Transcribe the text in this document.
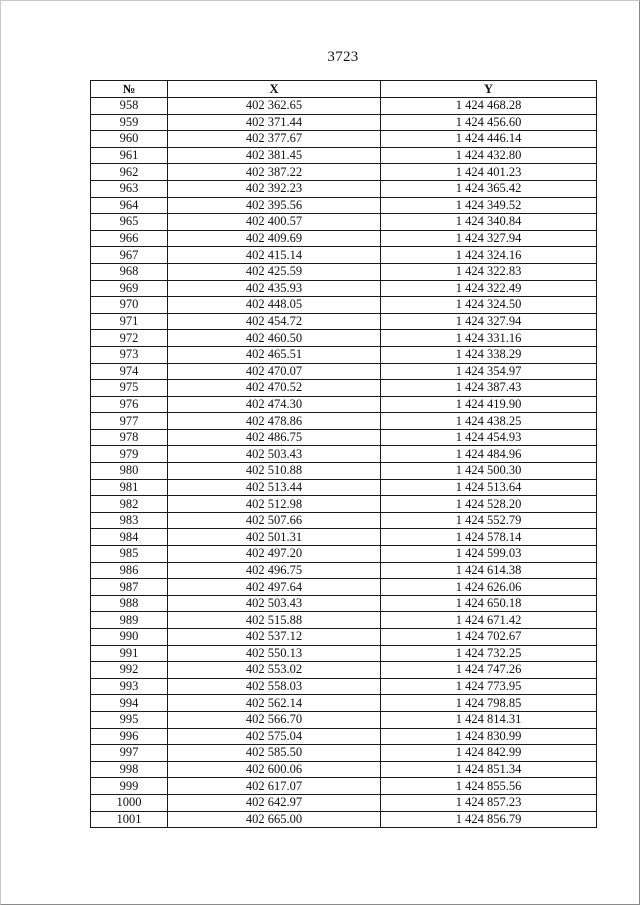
3723
№	X	Y
958	402 362.65	1 424 468.28
959	402 371.44	1 424 456.60
960	402 377.67	1 424 446.14
961	402 381.45	1 424 432.80
962	402 387.22	1 424 401.23
963	402 392.23	1 424 365.42
964	402 395.56	1 424 349.52
965	402 400.57	1 424 340.84
966	402 409.69	1 424 327.94
967	402 415.14	1 424 324.16
968	402 425.59	1 424 322.83
969	402 435.93	1 424 322.49
970	402 448.05	1 424 324.50
971	402 454.72	1 424 327.94
972	402 460.50	1 424 331.16
973	402 465.51	1 424 338.29
974	402 470.07	1 424 354.97
975	402 470.52	1 424 387.43
976	402 474.30	1 424 419.90
977	402 478.86	1 424 438.25
978	402 486.75	1 424 454.93
979	402 503.43	1 424 484.96
980	402 510.88	1 424 500.30
981	402 513.44	1 424 513.64
982	402 512.98	1 424 528.20
983	402 507.66	1 424 552.79
984	402 501.31	1 424 578.14
985	402 497.20	1 424 599.03
986	402 496.75	1 424 614.38
987	402 497.64	1 424 626.06
988	402 503.43	1 424 650.18
989	402 515.88	1 424 671.42
990	402 537.12	1 424 702.67
991	402 550.13	1 424 732.25
992	402 553.02	1 424 747.26
993	402 558.03	1 424 773.95
994	402 562.14	1 424 798.85
995	402 566.70	1 424 814.31
996	402 575.04	1 424 830.99
997	402 585.50	1 424 842.99
998	402 600.06	1 424 851.34
999	402 617.07	1 424 855.56
1000	402 642.97	1 424 857.23
1001	402 665.00	1 424 856.79
